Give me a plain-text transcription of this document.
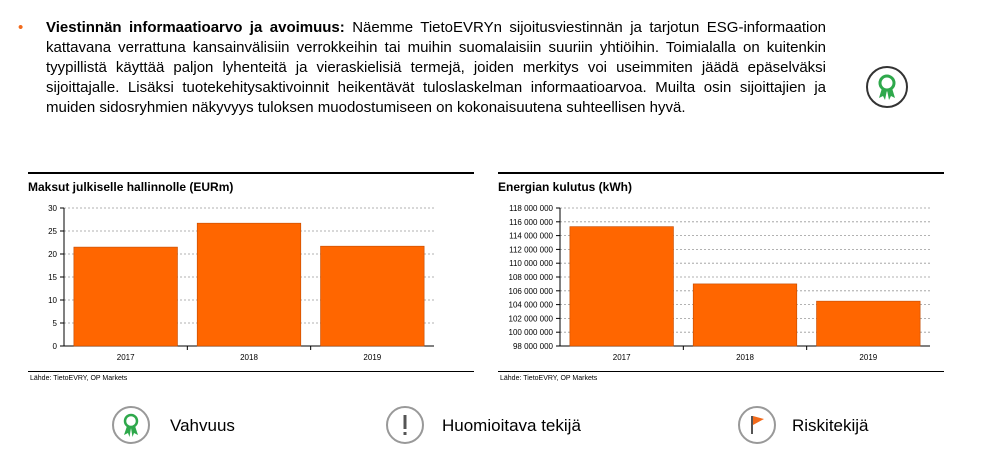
• Viestinnän informaatioarvo ja avoimuus: Näemme TietoEVRYn sijoitusviestinnän ja tarjotun ESG-informaation kattavana verrattuna kansainvälisiin verrokkeihin tai muihin suomalaisiin suuriin yhtiöihin. Toimialalla on kuitenkin tyypillistä käyttää paljon lyhenteitä ja vieraskielisiä termejä, joiden merkitys voi useimmiten jäädä epäselväksi sijoittajalle. Lisäksi tuotekehitysaktivoinnit heikentävät tuloslaskelman informaatioarvoa. Muilta osin sijoittajien ja muiden sidosryhmien näkyvyys tuloksen muodostumiseen on kokonaisuutena suhteellisen hyvä.
Maksut julkiselle hallinnolle (EURm)
0
5
10
15
20
25
30
2017	2018	2019
Lähde: TietoEVRY, OP Markets
Energian kulutus (kWh)
98 000 000
100 000 000
102 000 000
104 000 000
106 000 000
108 000 000
110 000 000
112 000 000
114 000 000
116 000 000
118 000 000
2017	2018	2019
Lähde: TietoEVRY, OP Markets
Vahvuus	Huomioitava tekijä	Riskitekijä
